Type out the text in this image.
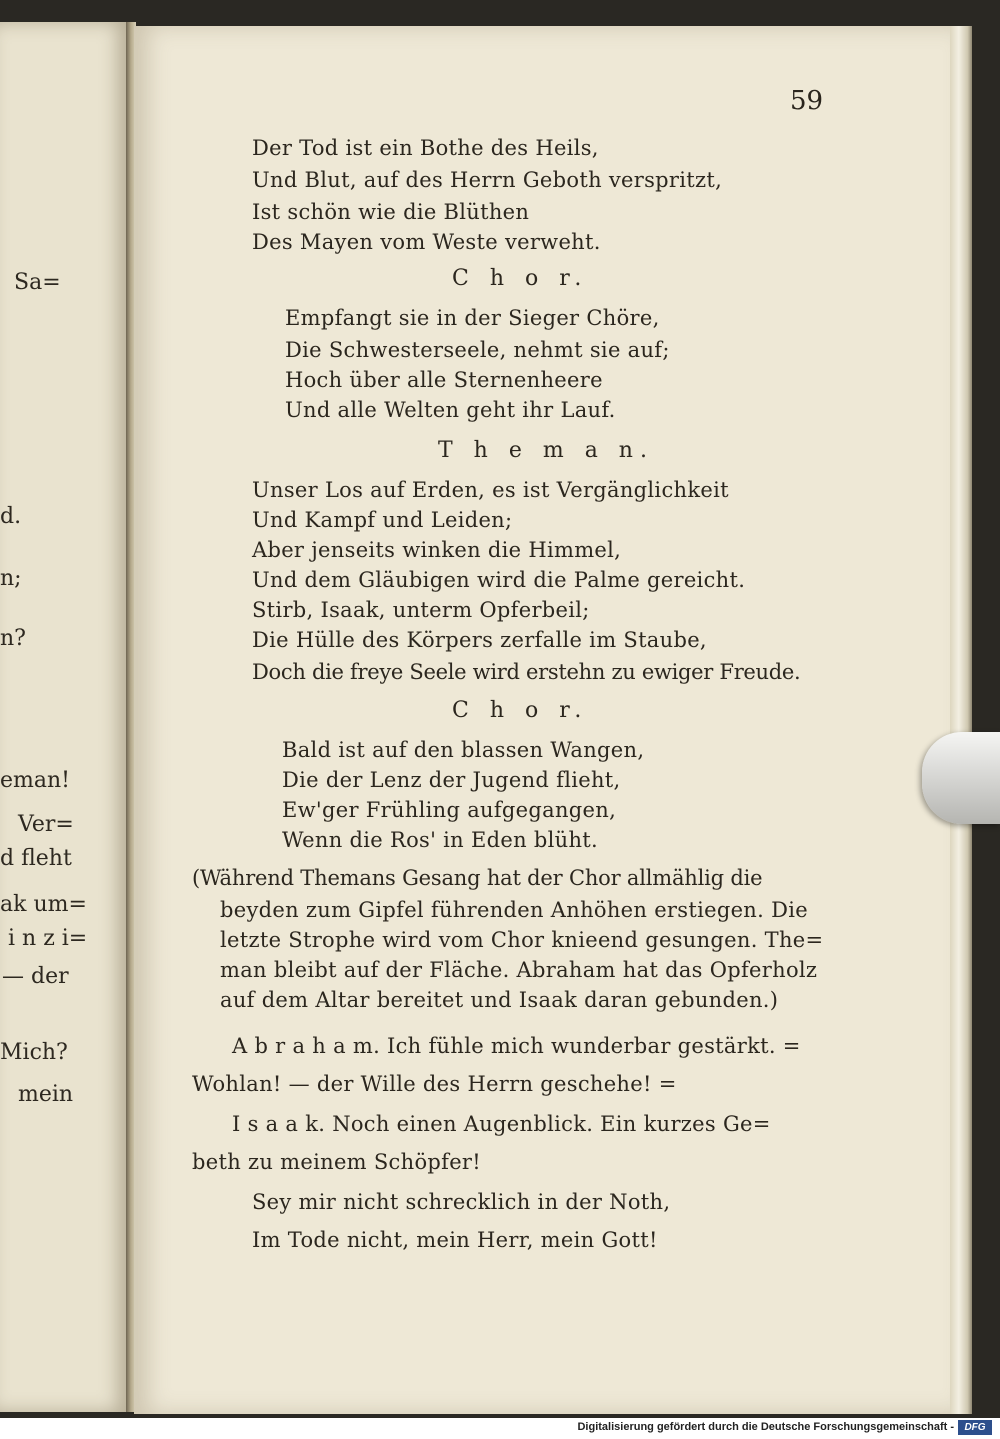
Sa=
d.
n;
n?
eman!
Ver=
d fleht
ak um=
i n z i=
— der
Mich?
mein
59
Der Tod ist ein Bothe des Heils,
Und Blut, auf des Herrn Geboth verspritzt,
Ist schön wie die Blüthen
Des Mayen vom Weste verweht.
C h o r.
Empfangt sie in der Sieger Chöre,
Die Schwesterseele, nehmt sie auf;
Hoch über alle Sternenheere
Und alle Welten geht ihr Lauf.
T h e m a n.
Unser Los auf Erden, es ist Vergänglichkeit
Und Kampf und Leiden;
Aber jenseits winken die Himmel,
Und dem Gläubigen wird die Palme gereicht.
Stirb, Isaak, unterm Opferbeil;
Die Hülle des Körpers zerfalle im Staube,
Doch die freye Seele wird erstehn zu ewiger Freude.
C h o r.
Bald ist auf den blassen Wangen,
Die der Lenz der Jugend flieht,
Ew'ger Frühling aufgegangen,
Wenn die Ros' in Eden blüht.
(Während Themans Gesang hat der Chor allmählig die
beyden zum Gipfel führenden Anhöhen erstiegen. Die
letzte Strophe wird vom Chor knieend gesungen. The=
man bleibt auf der Fläche. Abraham hat das Opferholz
auf dem Altar bereitet und Isaak daran gebunden.)
A b r a h a m. Ich fühle mich wunderbar gestärkt. =
Wohlan! — der Wille des Herrn geschehe! =
I s a a k. Noch einen Augenblick. Ein kurzes Ge=
beth zu meinem Schöpfer!
Sey mir nicht schrecklich in der Noth,
Im Tode nicht, mein Herr, mein Gott!
Digitalisierung gefördert durch die Deutsche Forschungsgemeinschaft -	DFG
